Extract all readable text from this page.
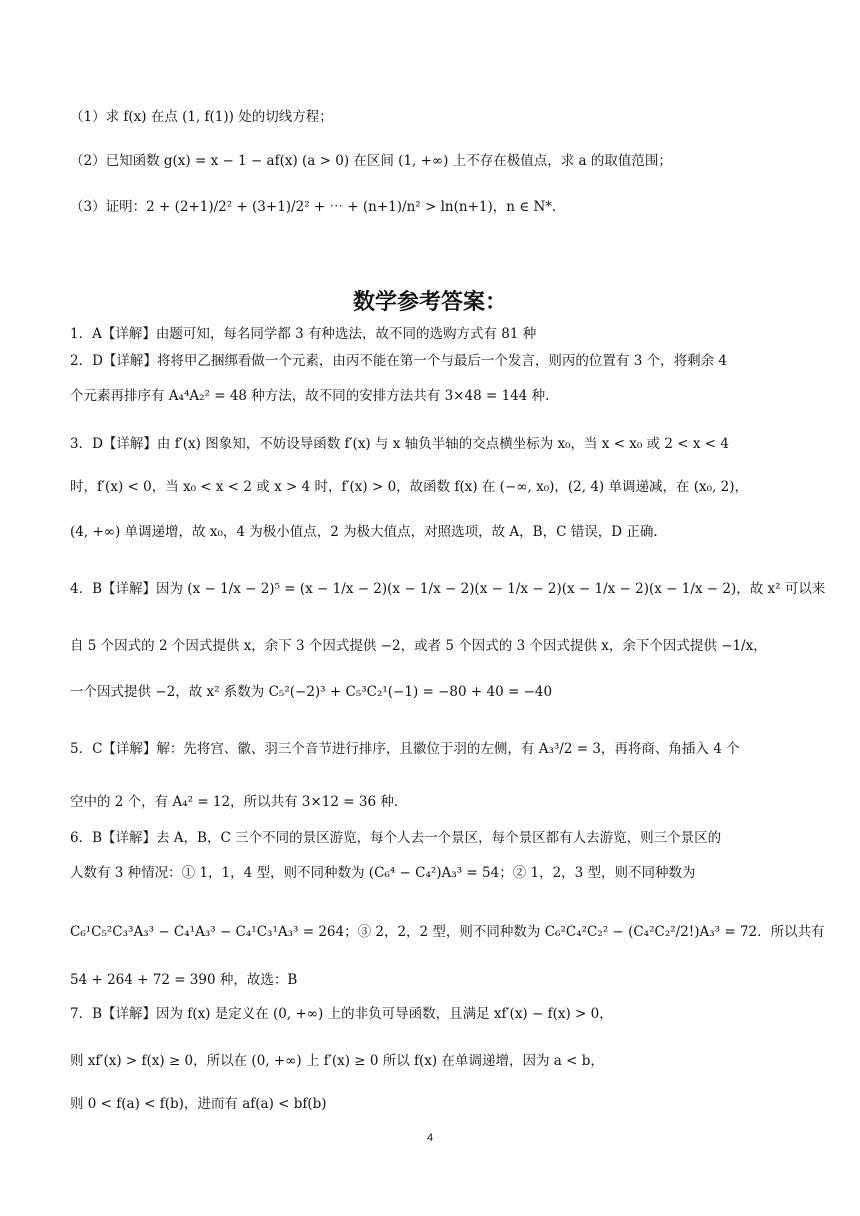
（1）求 f(x) 在点 (1, f(1)) 处的切线方程；
（2）已知函数 g(x) = x − 1 − af(x) (a > 0) 在区间 (1, +∞) 上不存在极值点，求 a 的取值范围；
（3）证明：2 + (2+1)/2² + (3+1)/2² + ⋯ + (n+1)/n² > ln(n+1)，n ∈ N*.
数学参考答案：
1．A【详解】由题可知，每名同学都 3 有种选法，故不同的选购方式有 81 种
2．D【详解】将将甲乙捆绑看做一个元素，由丙不能在第一个与最后一个发言，则丙的位置有 3 个，将剩余 4
个元素再排序有 A₄⁴A₂² = 48 种方法，故不同的安排方法共有 3×48 = 144 种.
3．D【详解】由 f′(x) 图象知，不妨设导函数 f′(x) 与 x 轴负半轴的交点横坐标为 x₀，当 x < x₀ 或 2 < x < 4
时，f′(x) < 0，当 x₀ < x < 2 或 x > 4 时，f′(x) > 0，故函数 f(x) 在 (−∞, x₀)，(2, 4) 单调递减，在 (x₀, 2)，
(4, +∞) 单调递增，故 x₀，4 为极小值点，2 为极大值点，对照选项，故 A，B，C 错误，D 正确.
4．B【详解】因为 (x − 1/x − 2)⁵ = (x − 1/x − 2)(x − 1/x − 2)(x − 1/x − 2)(x − 1/x − 2)(x − 1/x − 2)，故 x² 可以来
自 5 个因式的 2 个因式提供 x，余下 3 个因式提供 −2，或者 5 个因式的 3 个因式提供 x，余下个因式提供 −1/x，
一个因式提供 −2，故 x² 系数为 C₅²(−2)³ + C₅³C₂¹(−1) = −80 + 40 = −40
5．C【详解】解：先将宫、徽、羽三个音节进行排序，且徽位于羽的左侧，有 A₃³/2 = 3，再将商、角插入 4 个
空中的 2 个，有 A₄² = 12，所以共有 3×12 = 36 种.
6．B【详解】去 A，B，C 三个不同的景区游览，每个人去一个景区，每个景区都有人去游览，则三个景区的
人数有 3 种情况：① 1，1，4 型，则不同种数为 (C₆⁴ − C₄²)A₃³ = 54；② 1，2，3 型，则不同种数为
C₆¹C₅²C₃³A₃³ − C₄¹A₃³ − C₄¹C₃¹A₃³ = 264；③ 2，2，2 型，则不同种数为 C₆²C₄²C₂² − (C₄²C₂²/2!)A₃³ = 72．所以共有
54 + 264 + 72 = 390 种，故选：B
7．B【详解】因为 f(x) 是定义在 (0, +∞) 上的非负可导函数，且满足 xf′(x) − f(x) > 0，
则 xf′(x) > f(x) ≥ 0，所以在 (0, +∞) 上 f′(x) ≥ 0 所以 f(x) 在单调递增，因为 a < b，
则 0 < f(a) < f(b)，进而有 af(a) < bf(b)
4
